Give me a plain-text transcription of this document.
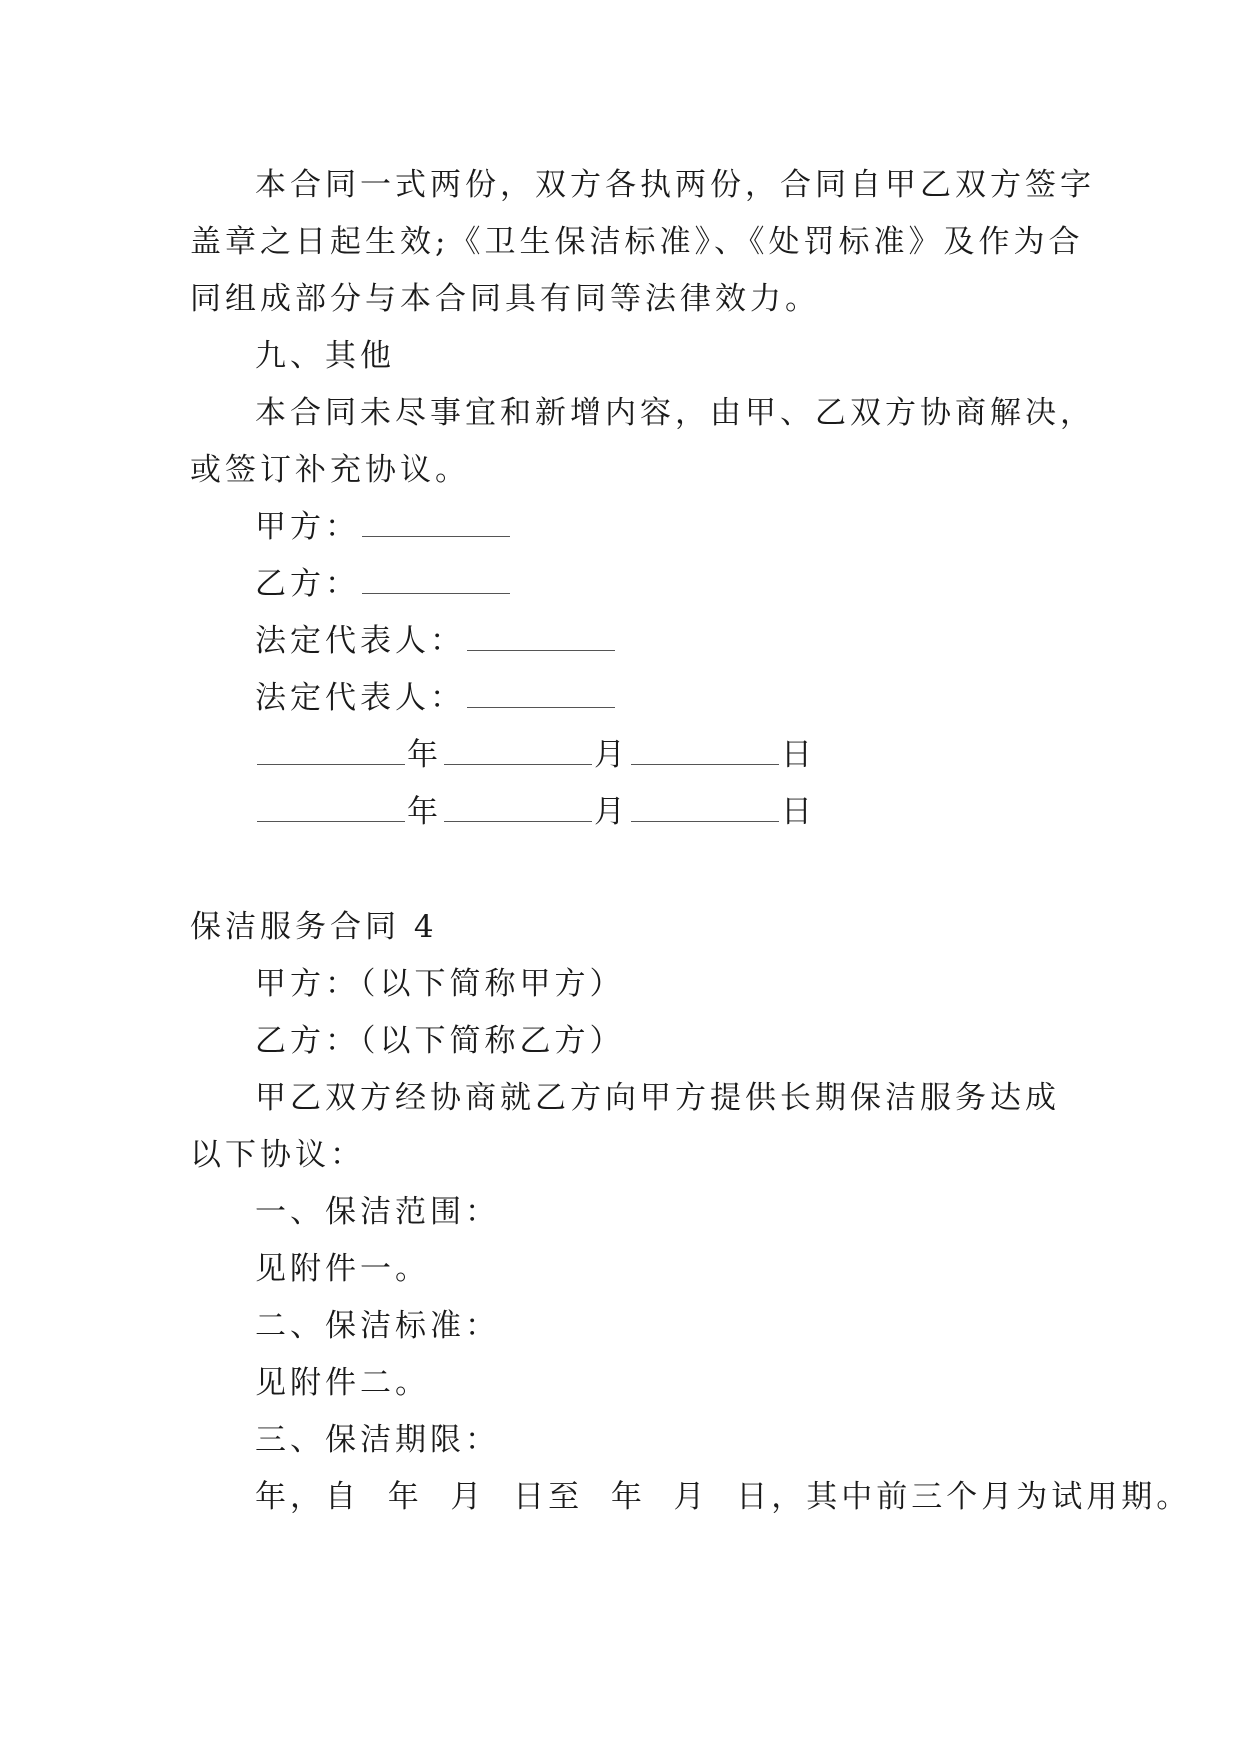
本合同一式两份，双方各执两份，合同自甲乙双方签字
盖章之日起生效;《卫生保洁标准》、《处罚标准》及作为合
同组成部分与本合同具有同等法律效力。
九、其他
本合同未尽事宜和新增内容，由甲、乙双方协商解决，
或签订补充协议。
甲方：
乙方：
法定代表人：
法定代表人：
年	月	日
年	月	日
保洁服务合同 4
甲方：（以下简称甲方）
乙方：（以下简称乙方）
甲乙双方经协商就乙方向甲方提供长期保洁服务达成
以下协议：
一、保洁范围：
见附件一。
二、保洁标准：
见附件二。
三、保洁期限：
年，自  年  月  日至  年  月  日，其中前三个月为试用期。
